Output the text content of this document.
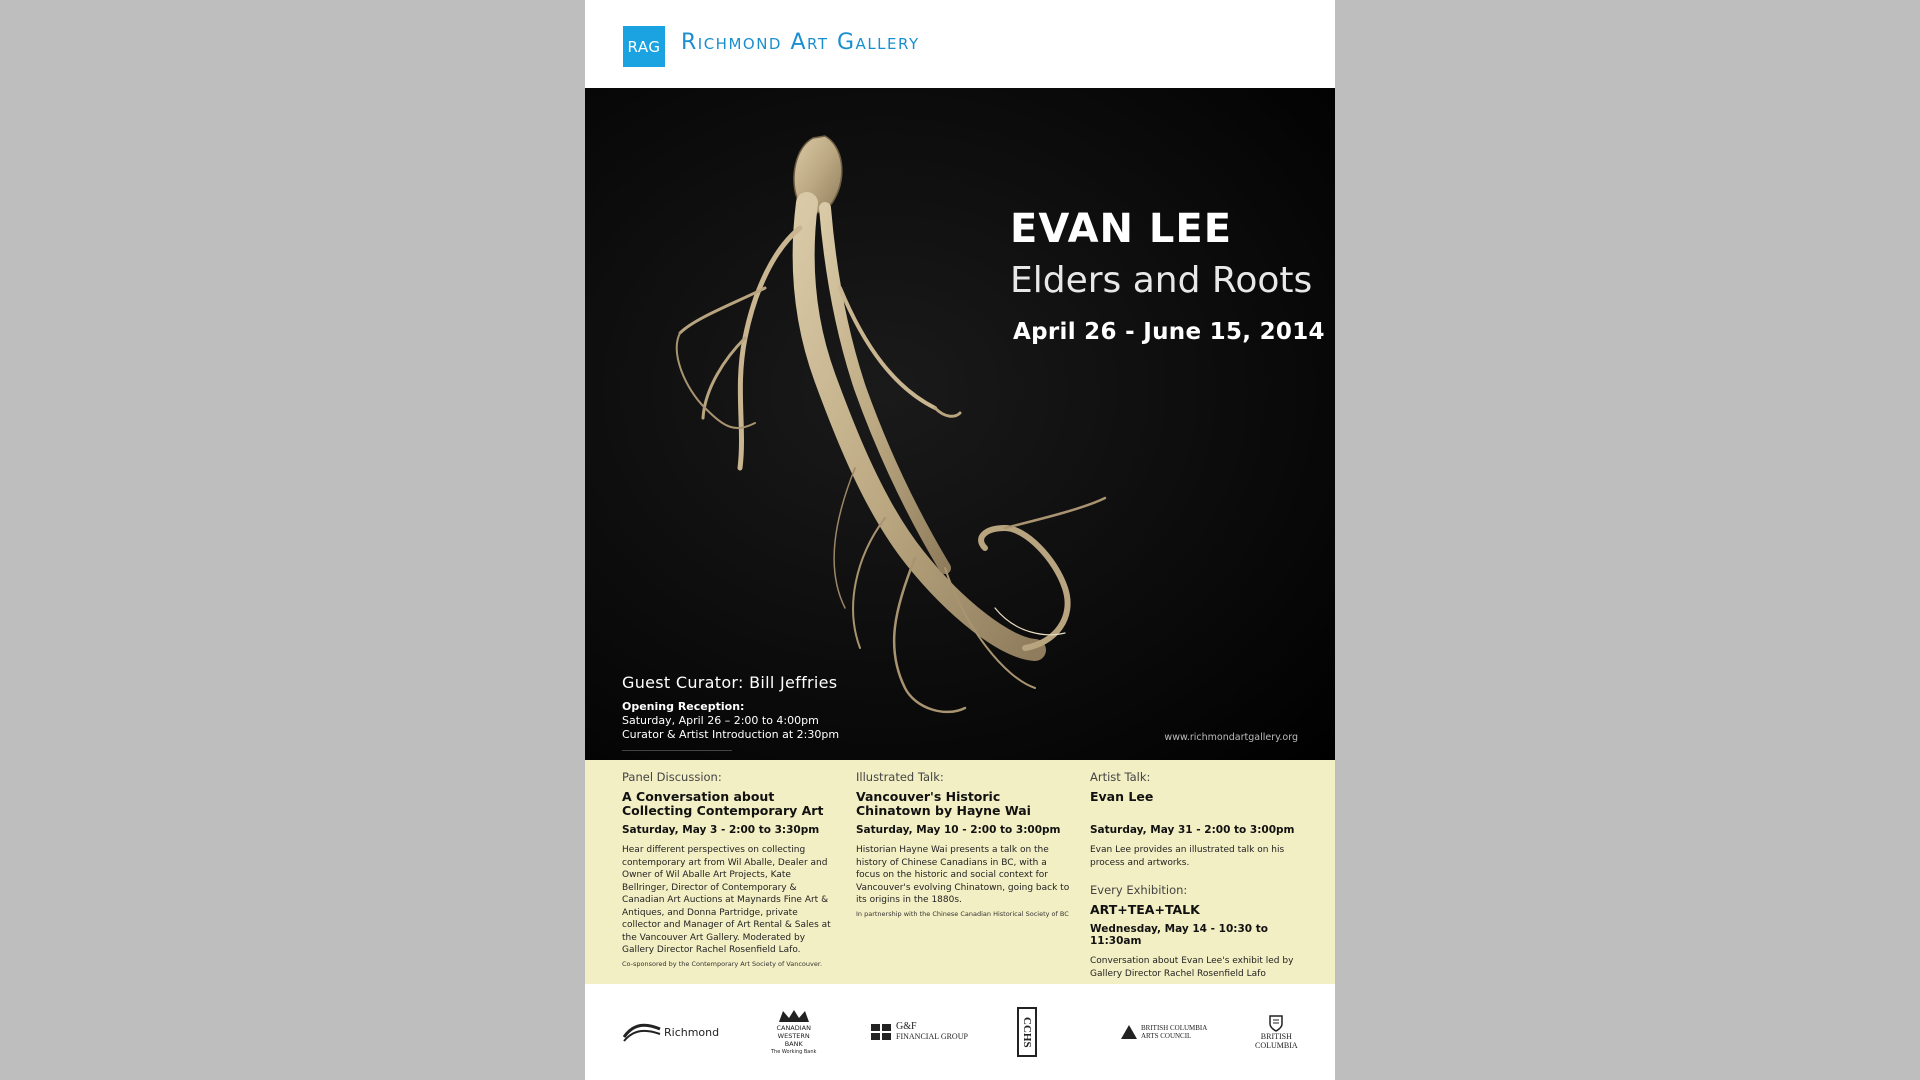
RAG Richmond Art Gallery
EVAN LEE
Elders and Roots
April 26 - June 15, 2014
Guest Curator: Bill Jeffries
Opening Reception:
Saturday, April 26 – 2:00 to 4:00pm
Curator & Artist Introduction at 2:30pm	www.richmondartgallery.org
Panel Discussion:
A Conversation about Collecting Contemporary Art
Saturday, May 3 - 2:00 to 3:30pm
Hear different perspectives on collecting contemporary art from Wil Aballe, Dealer and Owner of Wil Aballe Art Projects, Kate Bellringer, Director of Contemporary & Canadian Art Auctions at Maynards Fine Art & Antiques, and Donna Partridge, private collector and Manager of Art Rental & Sales at the Vancouver Art Gallery. Moderated by Gallery Director Rachel Rosenfield Lafo.
Co-sponsored by the Contemporary Art Society of Vancouver.
Illustrated Talk:
Vancouver's Historic Chinatown by Hayne Wai
Saturday, May 10 - 2:00 to 3:00pm
Historian Hayne Wai presents a talk on the history of Chinese Canadians in BC, with a focus on the historic and social context for Vancouver's evolving Chinatown, going back to its origins in the 1880s.
In partnership with the Chinese Canadian Historical Society of BC
Artist Talk:
Evan Lee
Saturday, May 31 - 2:00 to 3:00pm
Evan Lee provides an illustrated talk on his process and artworks.
Every Exhibition:
ART+TEA+TALK
Wednesday, May 14 - 10:30 to 11:30am
Conversation about Evan Lee's exhibit led by Gallery Director Rachel Rosenfield Lafo
Richmond	CANADIAN
WESTERN
BANK
The Working Bank
G&F
FINANCIAL GROUP	CCHS	BRITISH COLUMBIA
ARTS COUNCIL	BRITISH
COLUMBIA
